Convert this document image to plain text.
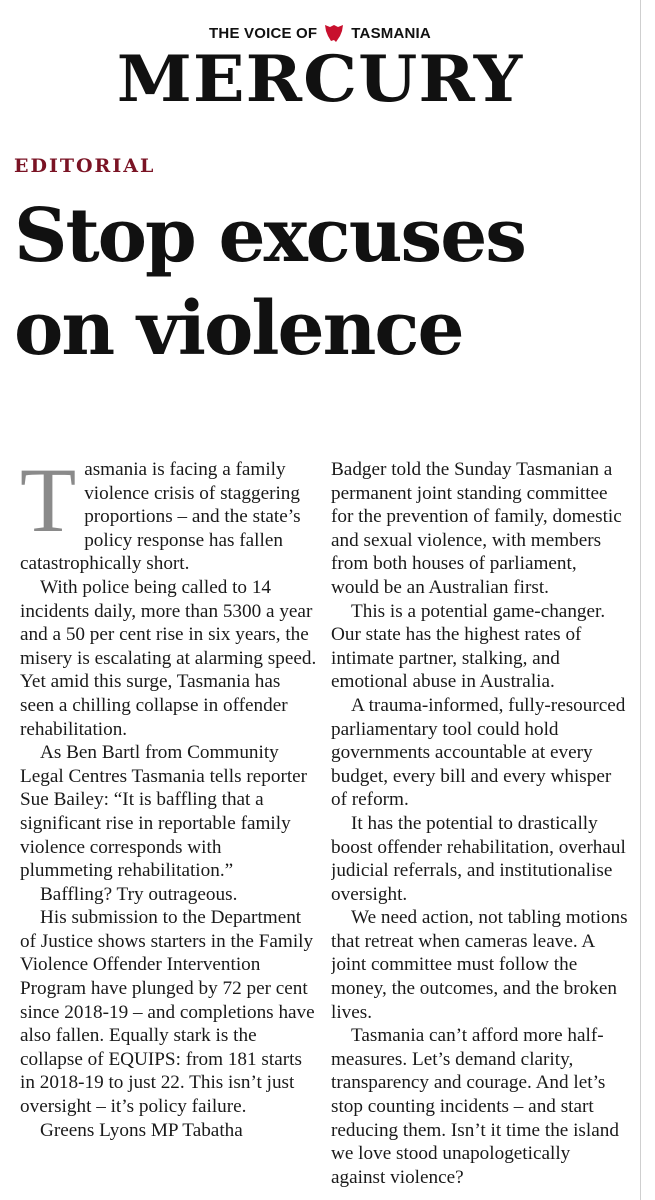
THE VOICE OF TASMANIA
MERCURY
EDITORIAL
Stop excuses
on violence

Tasmania is facing a family violence crisis of staggering proportions – and the state’s policy response has fallen catastrophically short.

With police being called to 14 incidents daily, more than 5300 a year and a 50 per cent rise in six years, the misery is escalating at alarming speed. Yet amid this surge, Tasmania has seen a chilling collapse in offender rehabilitation.

As Ben Bartl from Community Legal Centres Tasmania tells reporter Sue Bailey: “It is baffling that a significant rise in reportable family violence corresponds with plummeting rehabilitation.”

Baffling? Try outrageous.

His submission to the Department of Justice shows starters in the Family Violence Offender Intervention Program have plunged by 72 per cent since 2018-19 – and completions have also fallen. Equally stark is the collapse of EQUIPS: from 181 starts in 2018-19 to just 22. This isn’t just oversight – it’s policy failure.

Greens Lyons MP Tabatha

Badger told the Sunday Tasmanian a permanent joint standing committee for the prevention of family, domestic and sexual violence, with members from both houses of parliament, would be an Australian first.

This is a potential game-changer. Our state has the highest rates of intimate partner, stalking, and emotional abuse in Australia.

A trauma-informed, fully-resourced parliamentary tool could hold governments accountable at every budget, every bill and every whisper of reform.

It has the potential to drastically boost offender rehabilitation, overhaul judicial referrals, and institutionalise oversight.

We need action, not tabling motions that retreat when cameras leave. A joint committee must follow the money, the outcomes, and the broken lives.

Tasmania can’t afford more half-measures. Let’s demand clarity, transparency and courage. And let’s stop counting incidents – and start reducing them. Isn’t it time the island we love stood unapologetically against violence?
